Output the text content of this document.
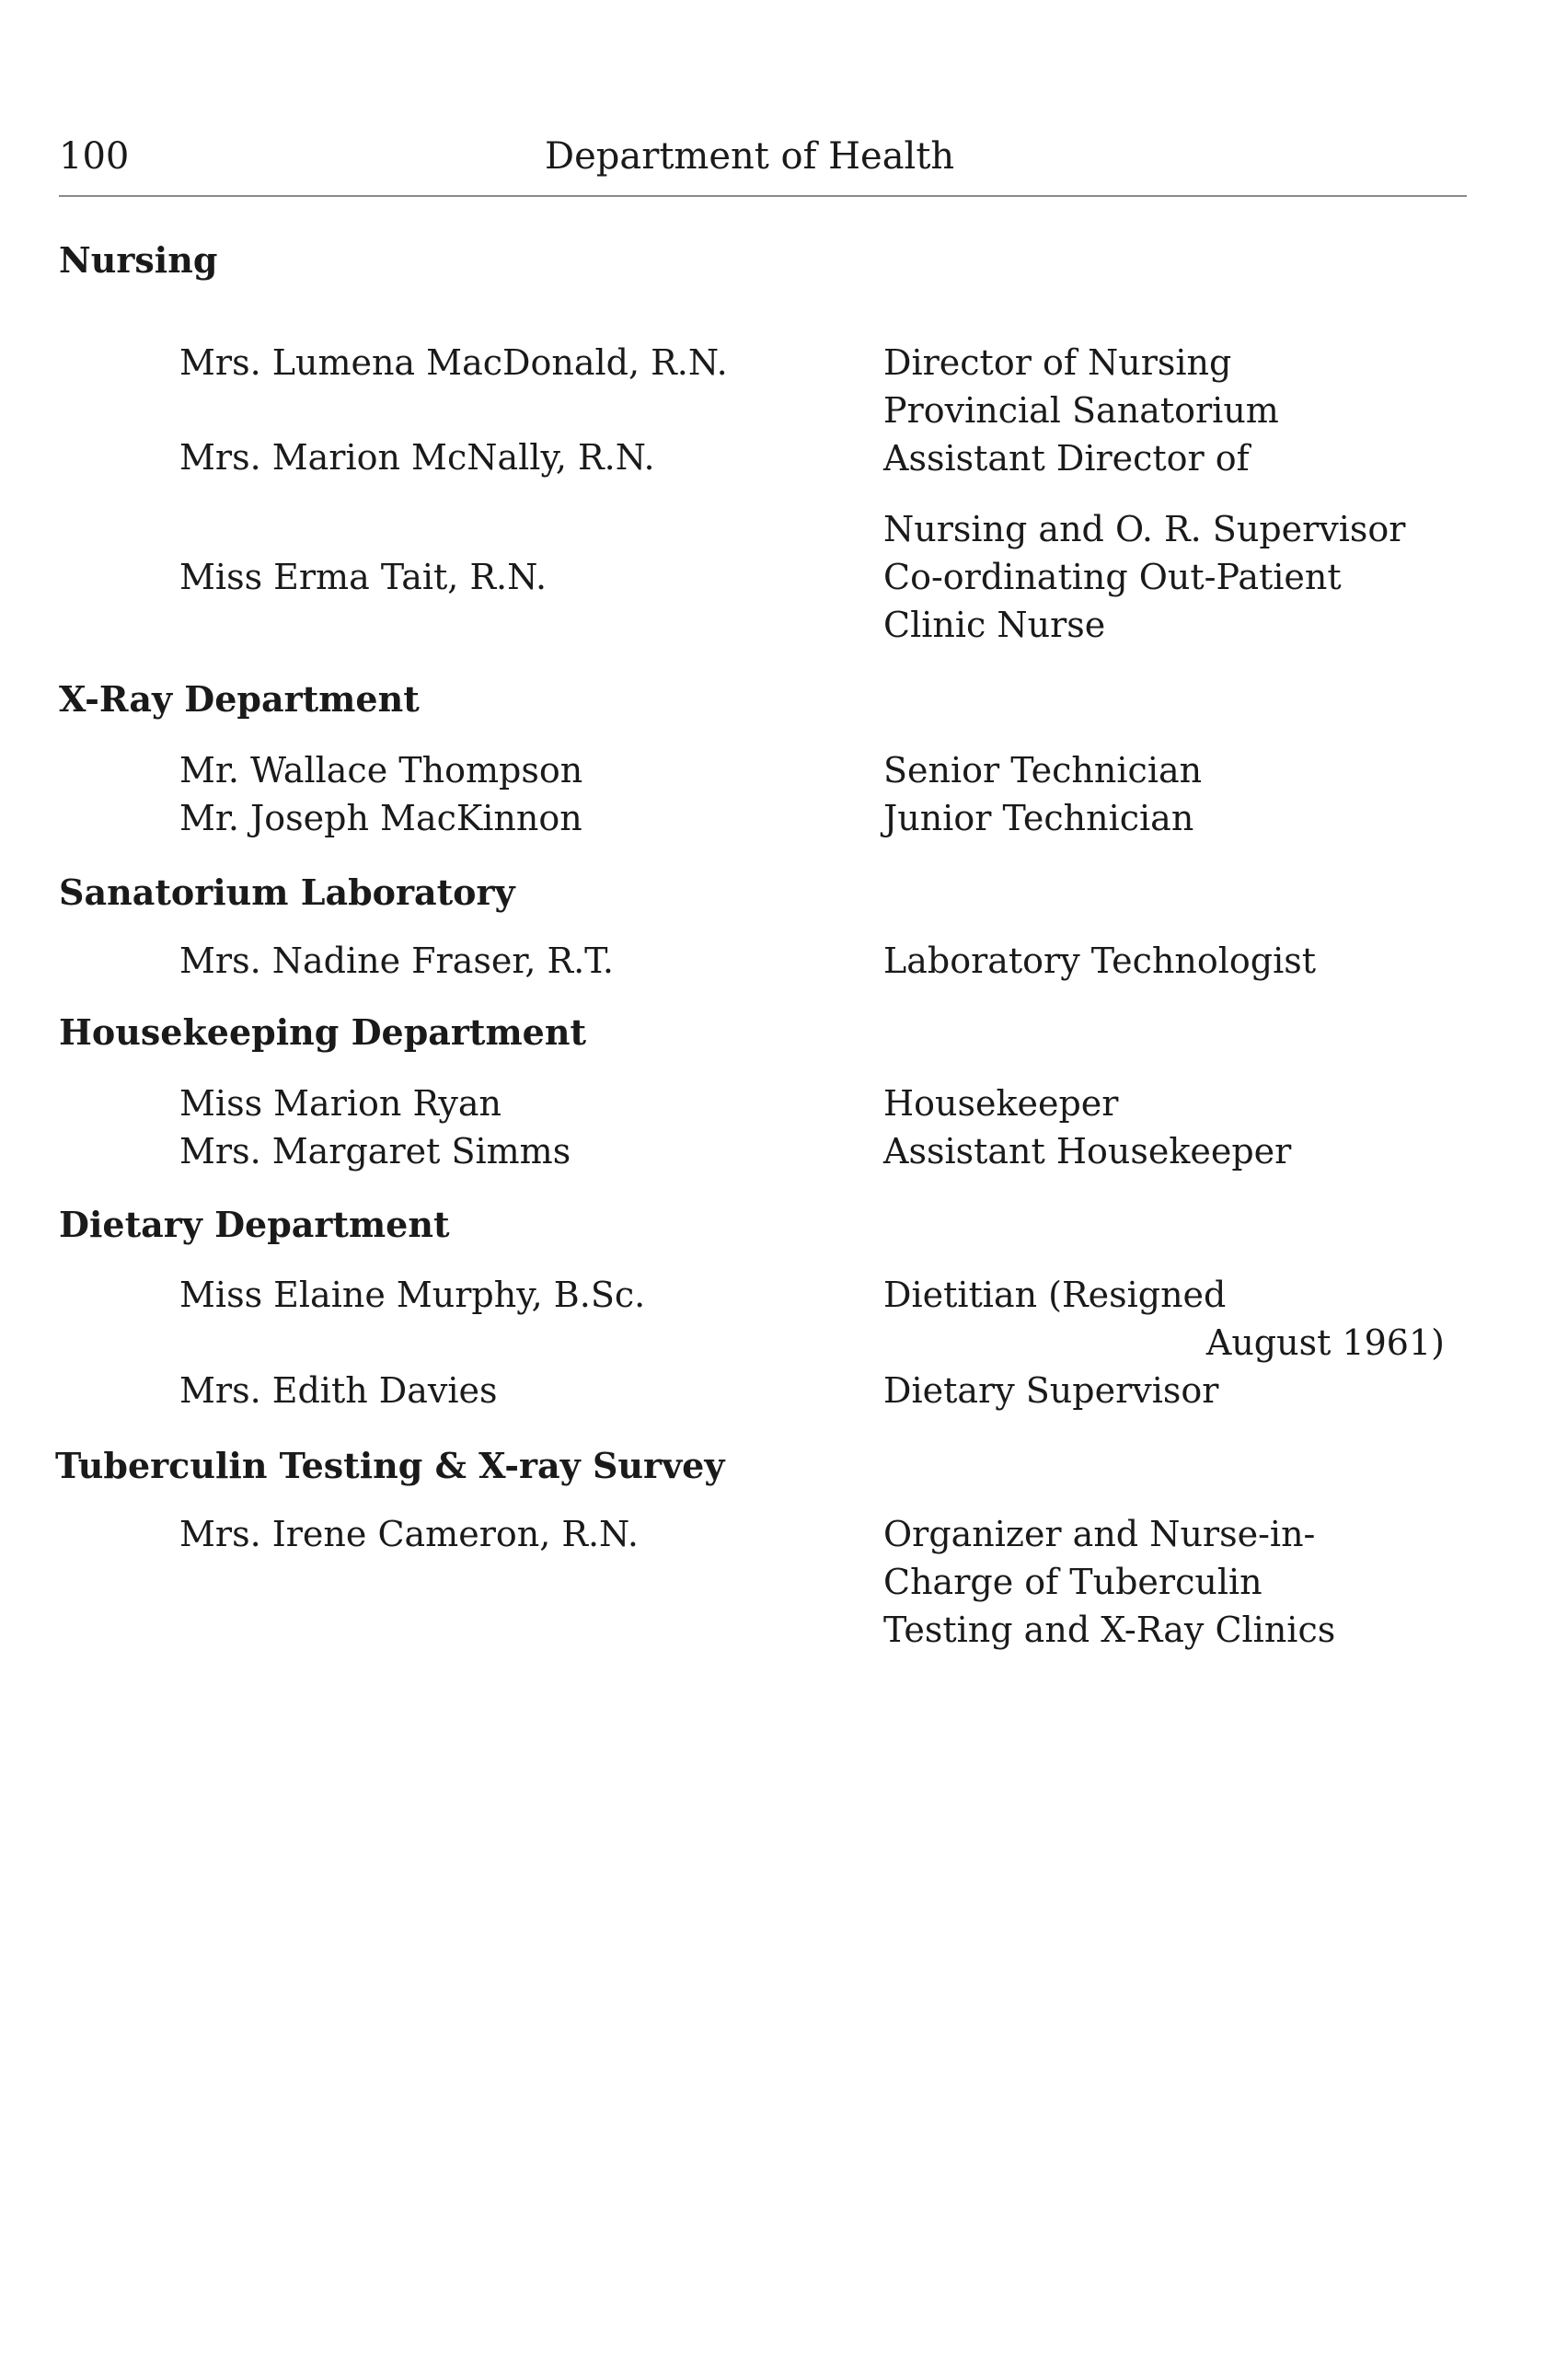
100	Department of Health
Nursing
Mrs. Lumena MacDonald, R.N.	Director of Nursing
Provincial Sanatorium
Mrs. Marion McNally, R.N.	Assistant Director of
Nursing and O. R. Supervisor
Miss Erma Tait, R.N.	Co-ordinating Out-Patient
Clinic Nurse
X-Ray Department
Mr. Wallace Thompson	Senior Technician
Mr. Joseph MacKinnon	Junior Technician
Sanatorium Laboratory
Mrs. Nadine Fraser, R.T.	Laboratory Technologist
Housekeeping Department
Miss Marion Ryan	Housekeeper
Mrs. Margaret Simms	Assistant Housekeeper
Dietary Department
Miss Elaine Murphy, B.Sc.	Dietitian (Resigned
August 1961)
Mrs. Edith Davies	Dietary Supervisor
Tuberculin Testing & X-ray Survey
Mrs. Irene Cameron, R.N.	Organizer and Nurse-in-
Charge of Tuberculin
Testing and X-Ray Clinics
